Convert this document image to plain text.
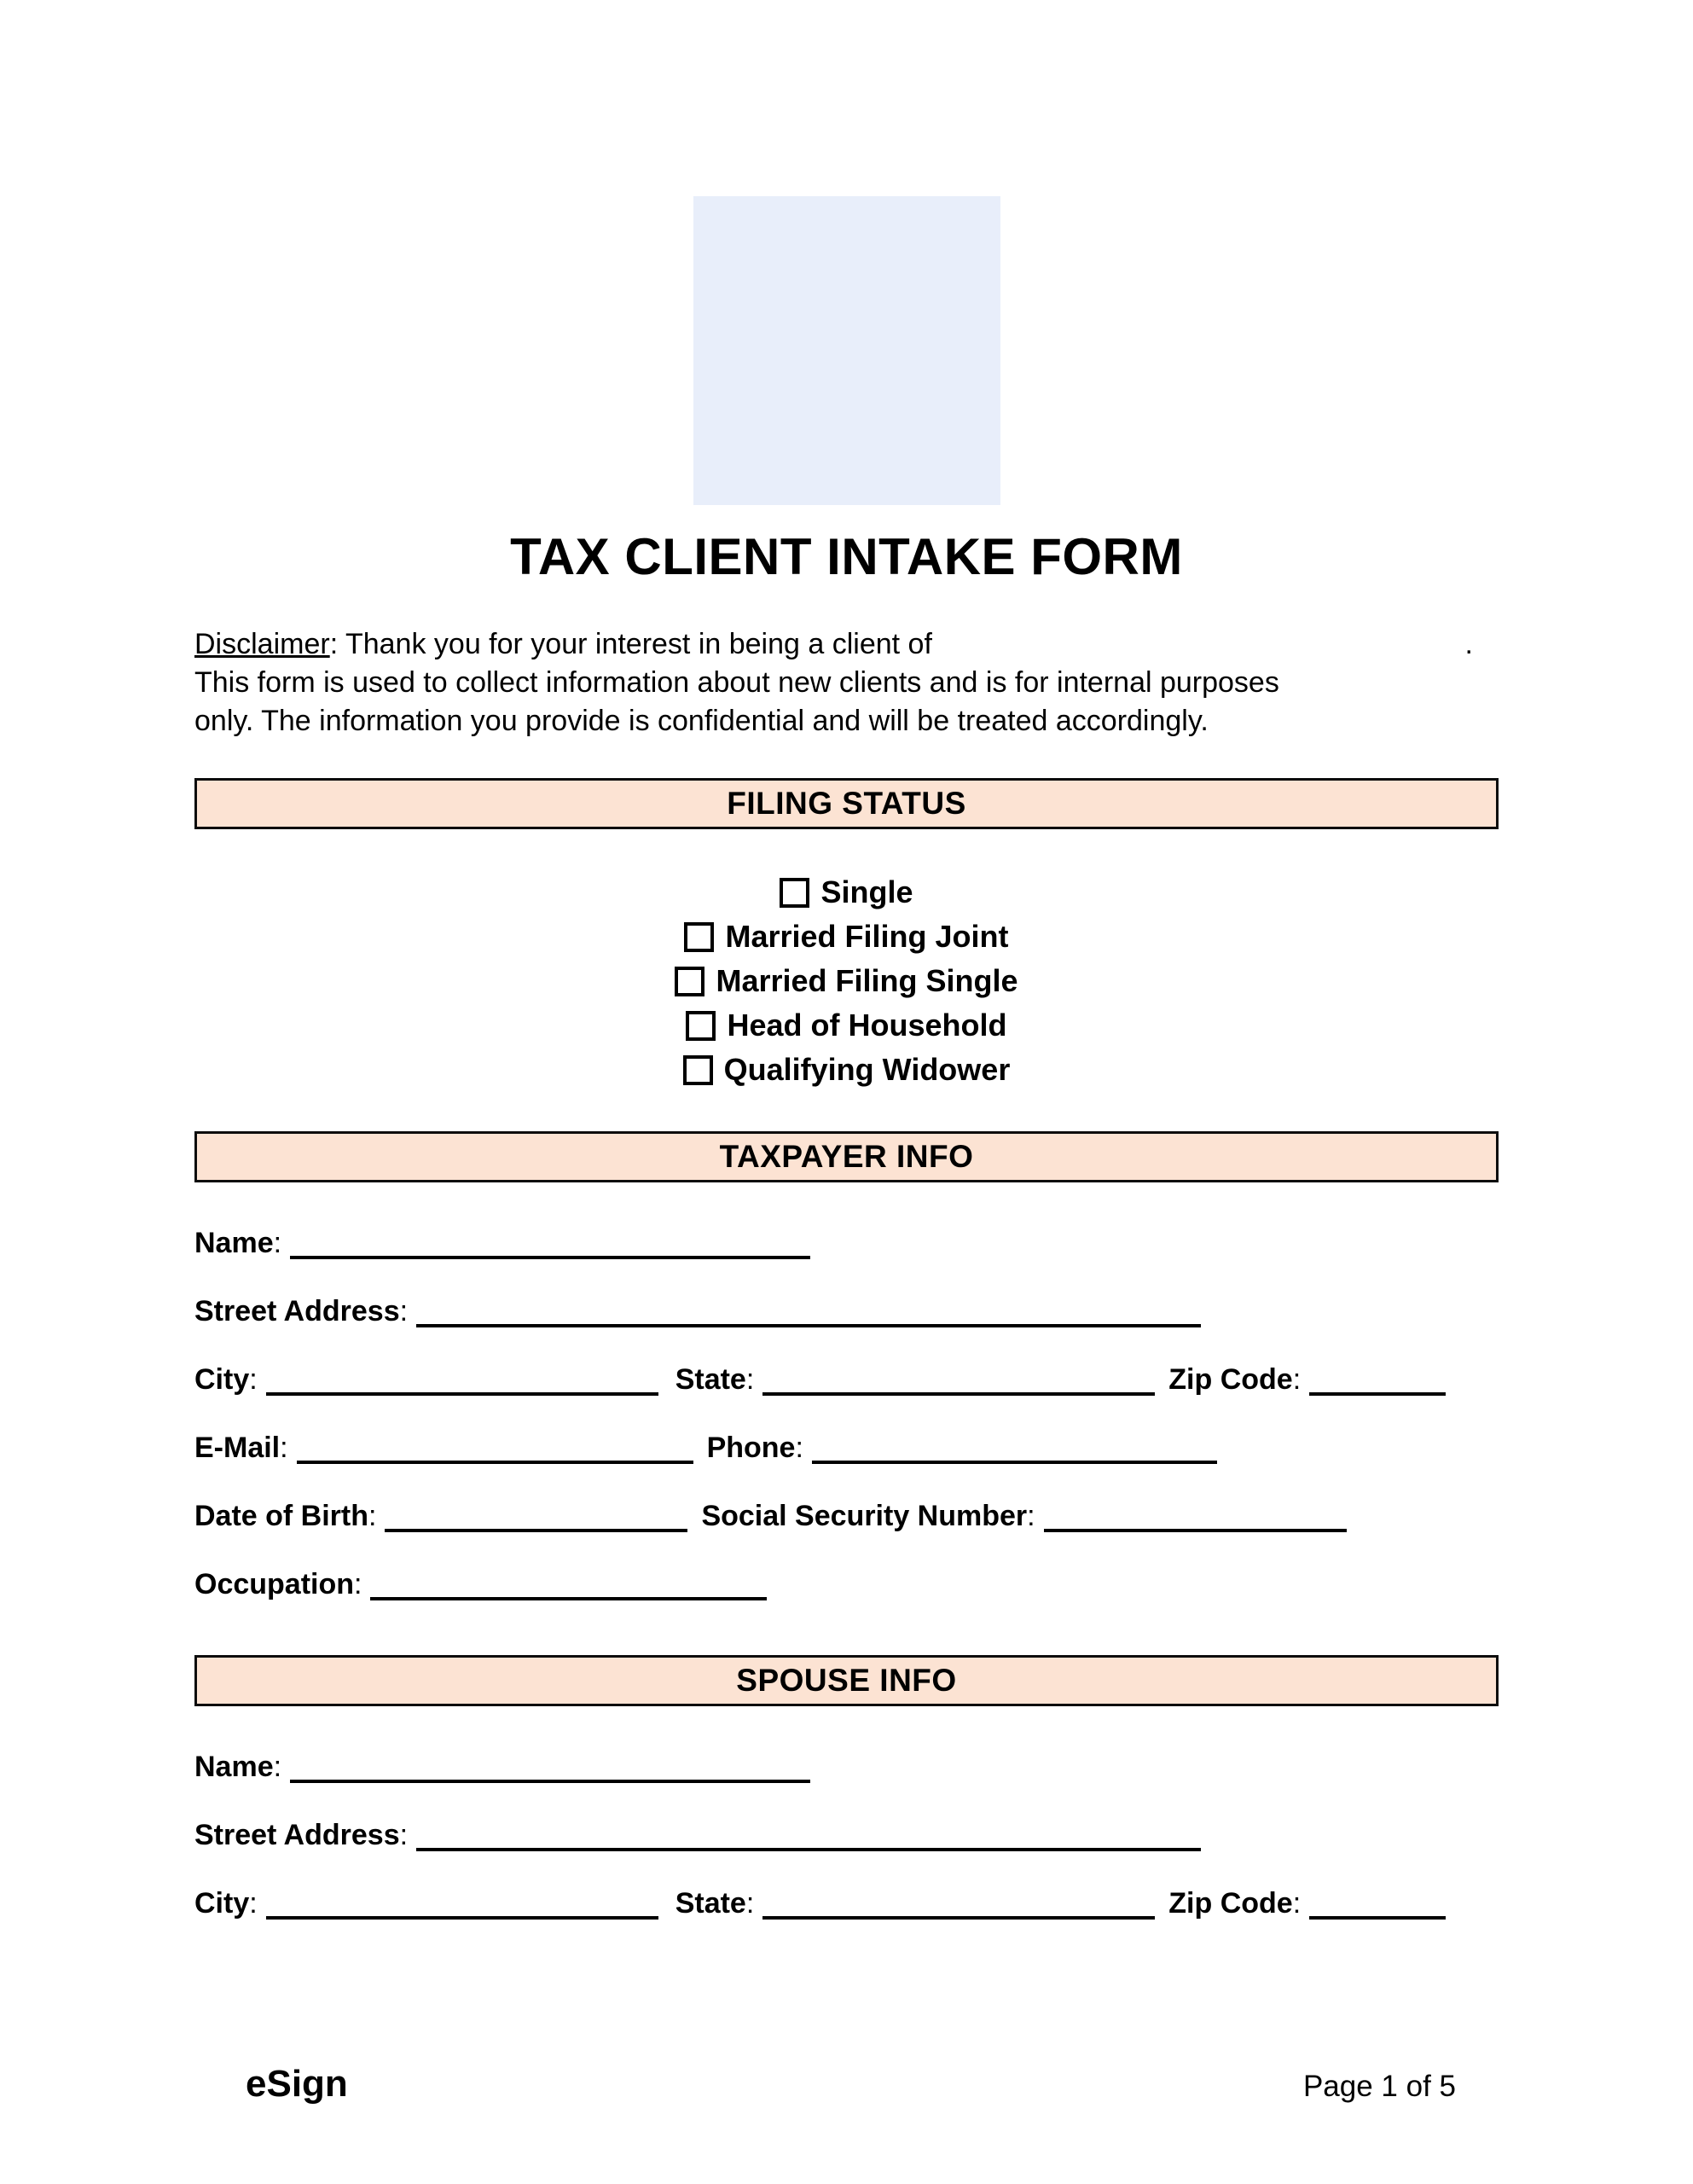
TAX CLIENT INTAKE FORM
Disclaimer: Thank you for your interest in being a client of	.
This form is used to collect information about new clients and is for internal purposes
only. The information you provide is confidential and will be treated accordingly.
FILING STATUS
Single
Married Filing Joint
Married Filing Single
Head of Household
Qualifying Widower
TAXPAYER INFO
Name:
Street Address:
City:	State:	Zip Code:
E-Mail:	Phone:
Date of Birth:	Social Security Number:
Occupation:
SPOUSE INFO
Name:
Street Address:
City:	State:	Zip Code:
eSign	Page 1 of 5
